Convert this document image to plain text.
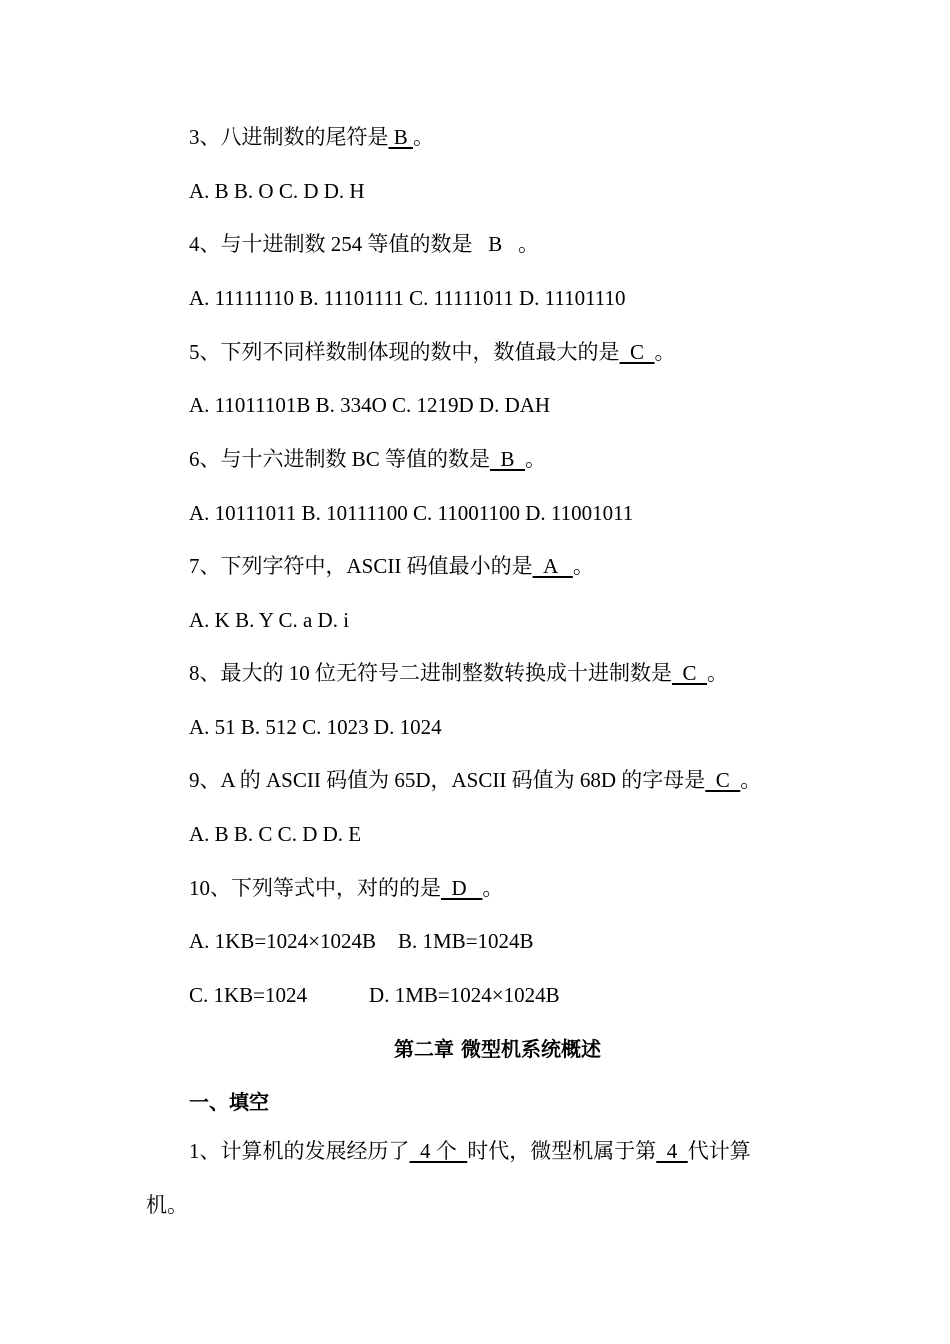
3、八进制数的尾符是 B 。
A. B B. O C. D D. H
4、与十进制数 254 等值的数是   B   。
A. 11111110 B. 11101111 C. 11111011 D. 11101110
5、下列不同样数制体现的数中，数值最大的是  C  。
A. 11011101B B. 334O C. 1219D D. DAH
6、与十六进制数 BC 等值的数是  B  。
A. 10111011 B. 10111100 C. 11001100 D. 11001011
7、下列字符中，ASCII 码值最小的是  A   。
A. K B. Y C. a D. i
8、最大的 10 位无符号二进制整数转换成十进制数是  C  。
A. 51 B. 512 C. 1023 D. 1024
9、A 的 ASCII 码值为 65D，ASCII 码值为 68D 的字母是  C  。
A. B B. C C. D D. E
10、下列等式中，对的的是  D   。
A. 1KB=1024×1024B B. 1MB=1024B
C. 1KB=1024	D. 1MB=1024×1024B
第二章 微型机系统概述
一、填空
1、计算机的发展经历了  4 个  时代，微型机属于第  4  代计算
机。
